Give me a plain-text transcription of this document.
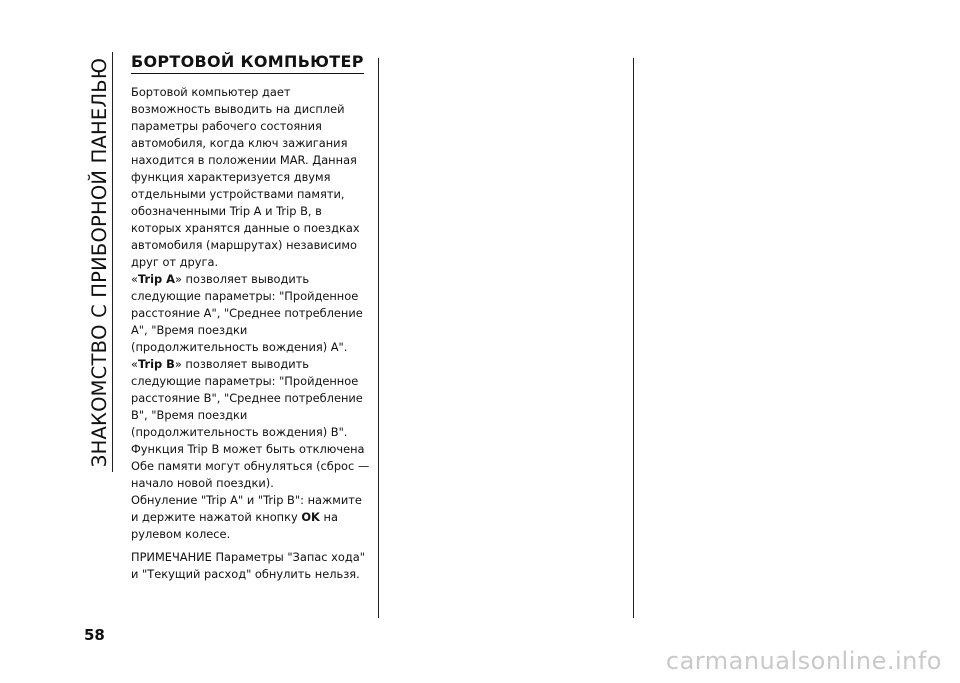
ЗНАКОМСТВО С ПРИБОРНОЙ ПАНЕЛЬЮ БОРТОВОЙ КОМПЬЮТЕР

Бортовой компьютер дает возможность выводить на дисплей параметры рабочего состояния автомобиля, когда ключ зажигания находится в положении MAR. Данная функция характеризуется двумя отдельными устройствами памяти, обозначенными Trip A и Trip B, в которых хранятся данные о поездках автомобиля (маршрутах) независимо друг от друга.

«Trip A» позволяет выводить следующие параметры: "Пройденное расстояние A", "Среднее потребление A", "Время поездки (продолжительность вождения) A".

«Trip B» позволяет выводить следующие параметры: "Пройденное расстояние B", "Среднее потребление B", "Время поездки (продолжительность вождения) B". Функция Trip B может быть отключена

Обе памяти могут обнуляться (сброс — начало новой поездки).

Обнуление "Trip A" и "Trip B": нажмите и держите нажатой кнопку OK на рулевом колесе.

ПРИМЕЧАНИЕ Параметры "Запас хода" и "Текущий расход" обнулить нельзя.

58
carmanualsonline.info
